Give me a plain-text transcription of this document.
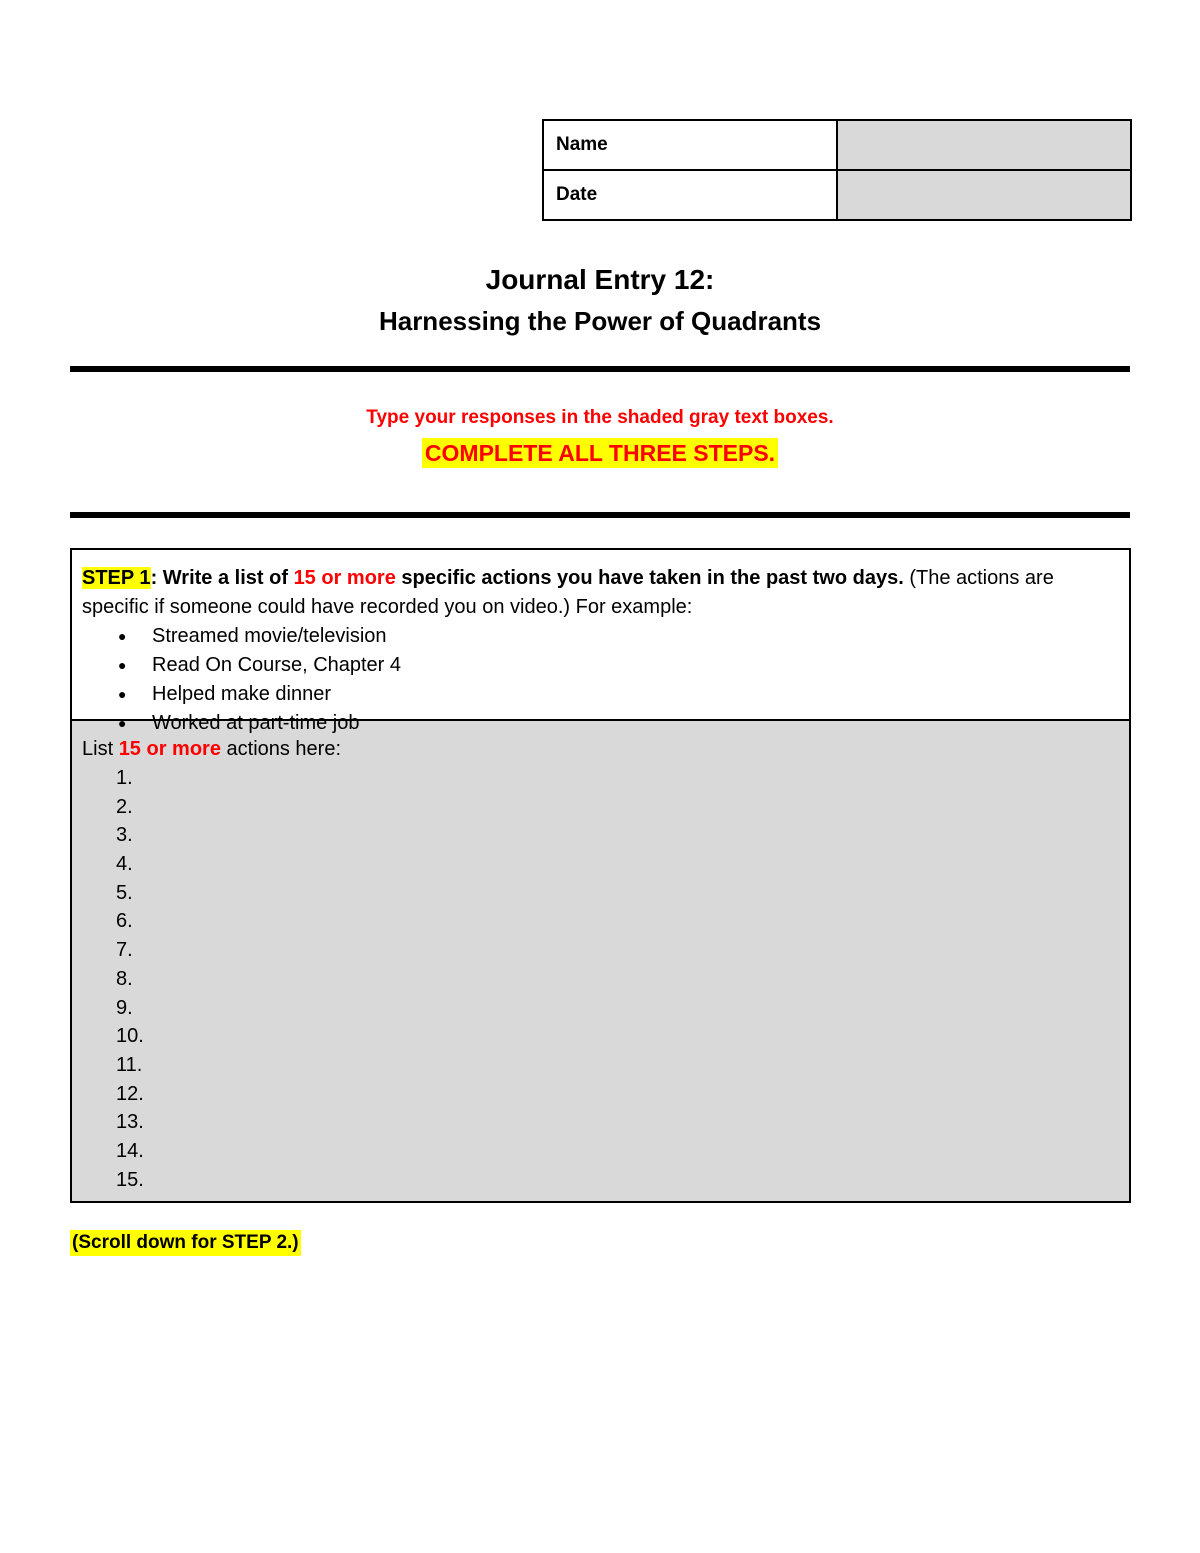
Name	
Date	
Journal Entry 12:
Harnessing the Power of Quadrants
Type your responses in the shaded gray text boxes.
COMPLETE ALL THREE STEPS.
STEP 1: Write a list of 15 or more specific actions you have taken in the past two days. (The actions are specific if someone could have recorded you on video.) For example:
● Streamed movie/television
● Read On Course, Chapter 4
● Helped make dinner
● Worked at part-time job
List 15 or more actions here:
1.
2.
3.
4.
5.
6.
7.
8.
9.
10.
11.
12.
13.
14.
15.
(Scroll down for STEP 2.)
